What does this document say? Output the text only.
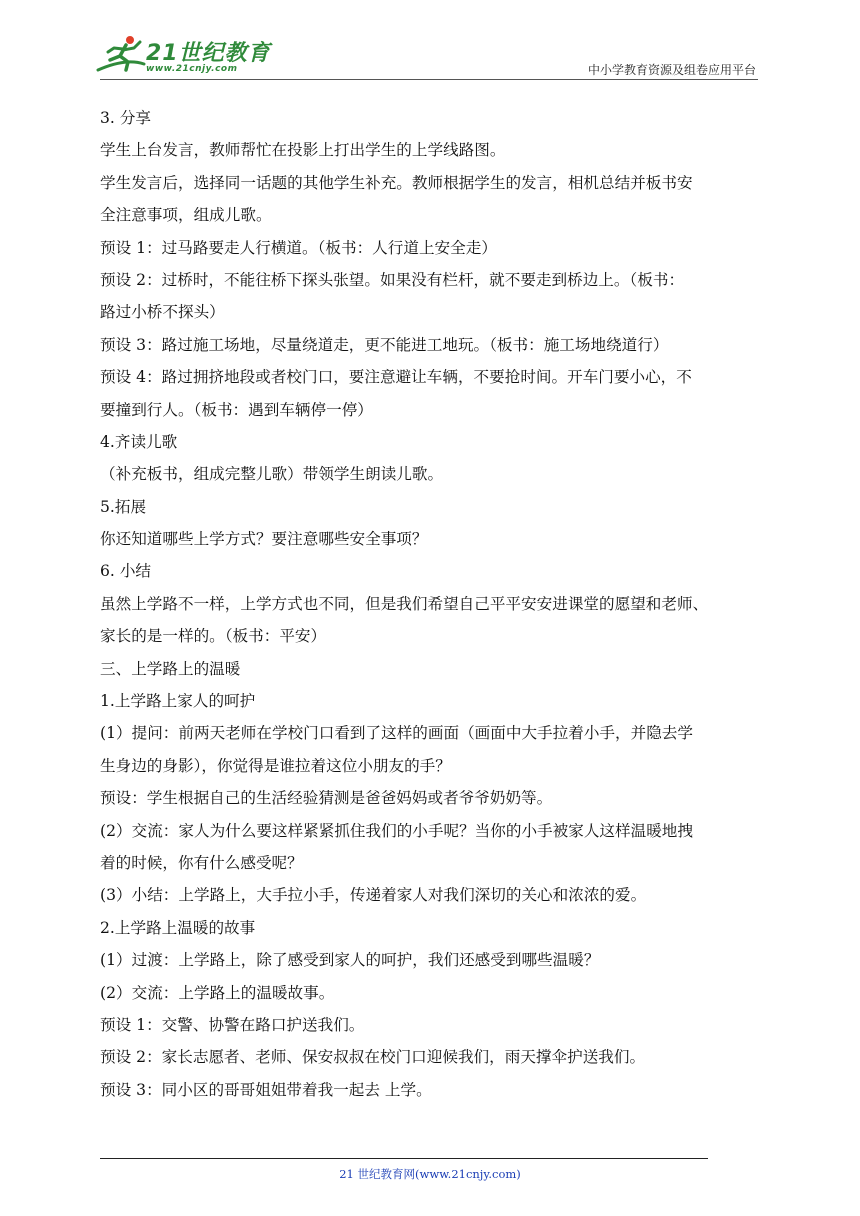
21世纪教育
www.21cnjy.com	中小学教育资源及组卷应用平台
3. 分享
学生上台发言，教师帮忙在投影上打出学生的上学线路图。
学生发言后，选择同一话题的其他学生补充。教师根据学生的发言，相机总结并板书安
全注意事项，组成儿歌。
预设 1：过马路要走人行横道。（板书：人行道上安全走）
预设 2：过桥时，不能往桥下探头张望。如果没有栏杆，就不要走到桥边上。（板书：
路过小桥不探头）
预设 3：路过施工场地，尽量绕道走，更不能进工地玩。（板书：施工场地绕道行）
预设 4：路过拥挤地段或者校门口，要注意避让车辆，不要抢时间。开车门要小心，不
要撞到行人。（板书：遇到车辆停一停）
4.齐读儿歌
（补充板书，组成完整儿歌）带领学生朗读儿歌。
5.拓展
你还知道哪些上学方式？要注意哪些安全事项？
6. 小结
虽然上学路不一样，上学方式也不同，但是我们希望自己平平安安进课堂的愿望和老师、
家长的是一样的。（板书：平安）
三、上学路上的温暖
1.上学路上家人的呵护
(1）提问：前两天老师在学校门口看到了这样的画面（画面中大手拉着小手，并隐去学
生身边的身影），你觉得是谁拉着这位小朋友的手？
预设：学生根据自己的生活经验猜测是爸爸妈妈或者爷爷奶奶等。
(2）交流：家人为什么要这样紧紧抓住我们的小手呢？当你的小手被家人这样温暖地拽
着的时候，你有什么感受呢？
(3）小结：上学路上，大手拉小手，传递着家人对我们深切的关心和浓浓的爱。
2.上学路上温暖的故事
(1）过渡：上学路上，除了感受到家人的呵护，我们还感受到哪些温暖？
(2）交流：上学路上的温暖故事。
预设 1：交警、协警在路口护送我们。
预设 2：家长志愿者、老师、保安叔叔在校门口迎候我们，雨天撑伞护送我们。
预设 3：同小区的哥哥姐姐带着我一起去 上学。
21 世纪教育网(www.21cnjy.com)
